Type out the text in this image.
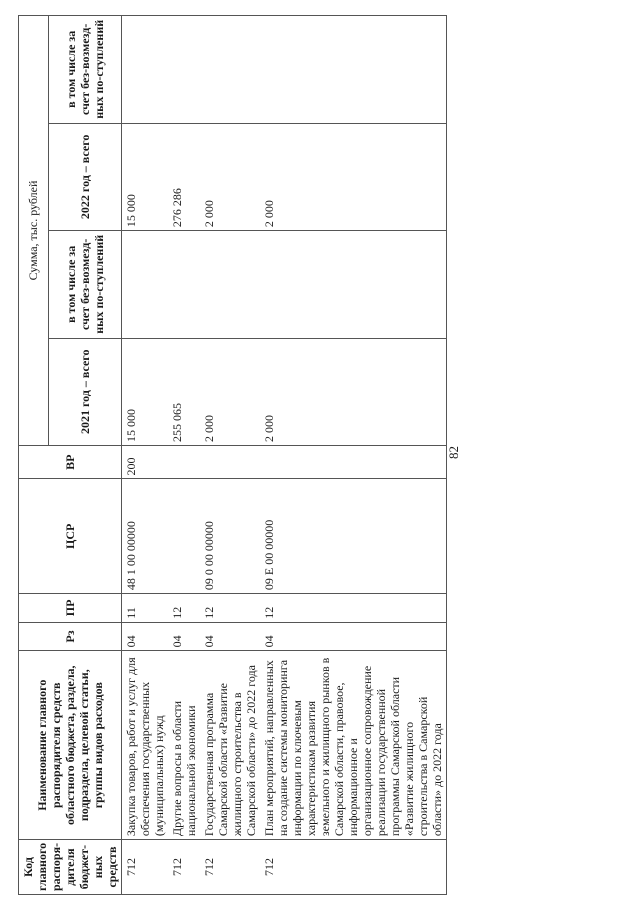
82
Код главного распоря-дителя бюджет-ных средств	Наименование главного распорядителя средств областного бюджета, раздела, подраздела, целевой статьи, группы видов расходов	Рз	ПР	ЦСР	ВР	Сумма, тыс. рублей			
						2021 год – всего	в том числе за счет без-возмезд-ных по-ступлений	2022 год – всего	в том числе за счет без-возмезд-ных по-ступлений
712	Закупка товаров, работ и услуг для обеспечения государственных (муниципальных) нужд	04	11	48 1 00 00000	200	15 000		15 000	
712	Другие вопросы в области национальной экономики	04	12			255 065		276 286	
712	Государственная программа Самарской области «Развитие жилищного строительства в Самарской области» до 2022 года	04	12	09 0 00 00000		2 000		2 000	
712	План мероприятий, направленных на создание системы мониторинга информации по ключевым характеристикам развития земельного и жилищного рынков в Самарской области, правовое, информационное и организационное сопровождение реализации государственной программы Самарской области «Развитие жилищного строительства в Самарской области» до 2022 года	04	12	09 Е 00 00000		2 000		2 000	
